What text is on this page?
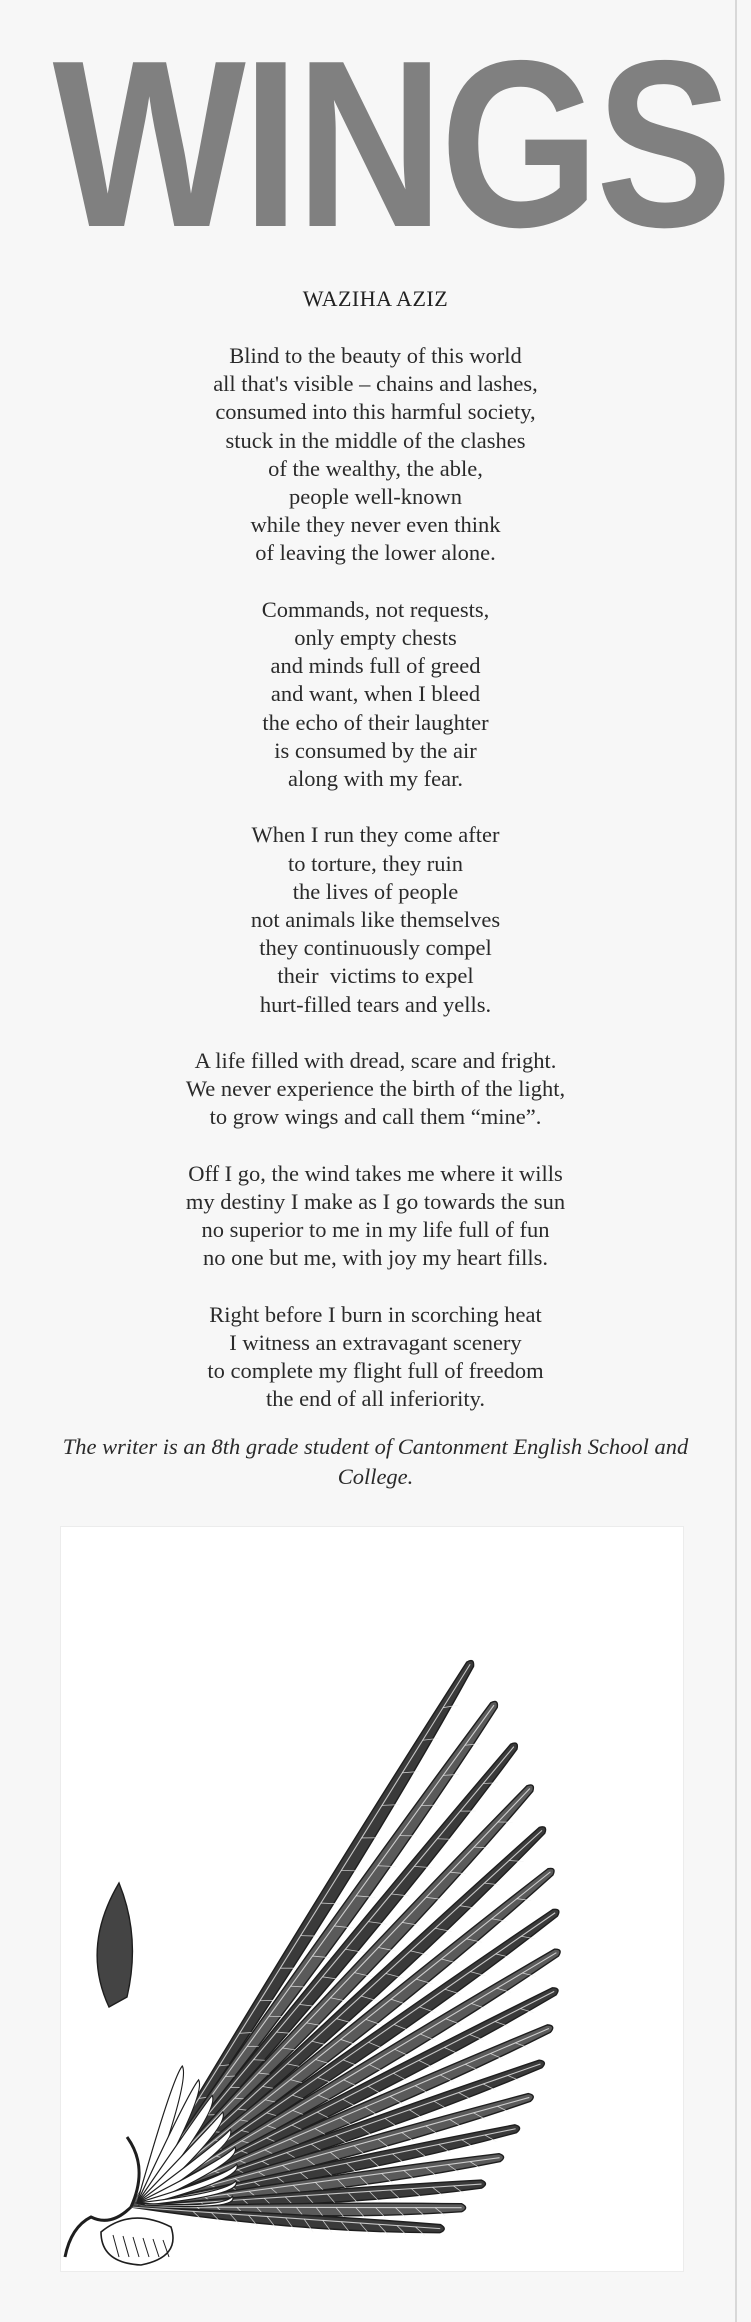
WINGS
WAZIHA AZIZ
Blind to the beauty of this world
all that's visible – chains and lashes,
consumed into this harmful society,
stuck in the middle of the clashes
of the wealthy, the able,
people well-known
while they never even think
of leaving the lower alone.
Commands, not requests,
only empty chests
and minds full of greed
and want, when I bleed
the echo of their laughter
is consumed by the air
along with my fear.
When I run they come after
to torture, they ruin
the lives of people
not animals like themselves
they continuously compel
their  victims to expel
hurt-filled tears and yells.
A life filled with dread, scare and fright.
We never experience the birth of the light,
to grow wings and call them “mine”.
Off I go, the wind takes me where it wills
my destiny I make as I go towards the sun
no superior to me in my life full of fun
no one but me, with joy my heart fills.
Right before I burn in scorching heat
I witness an extravagant scenery
to complete my flight full of freedom
the end of all inferiority.
The writer is an 8th grade student of Cantonment English School and College.
